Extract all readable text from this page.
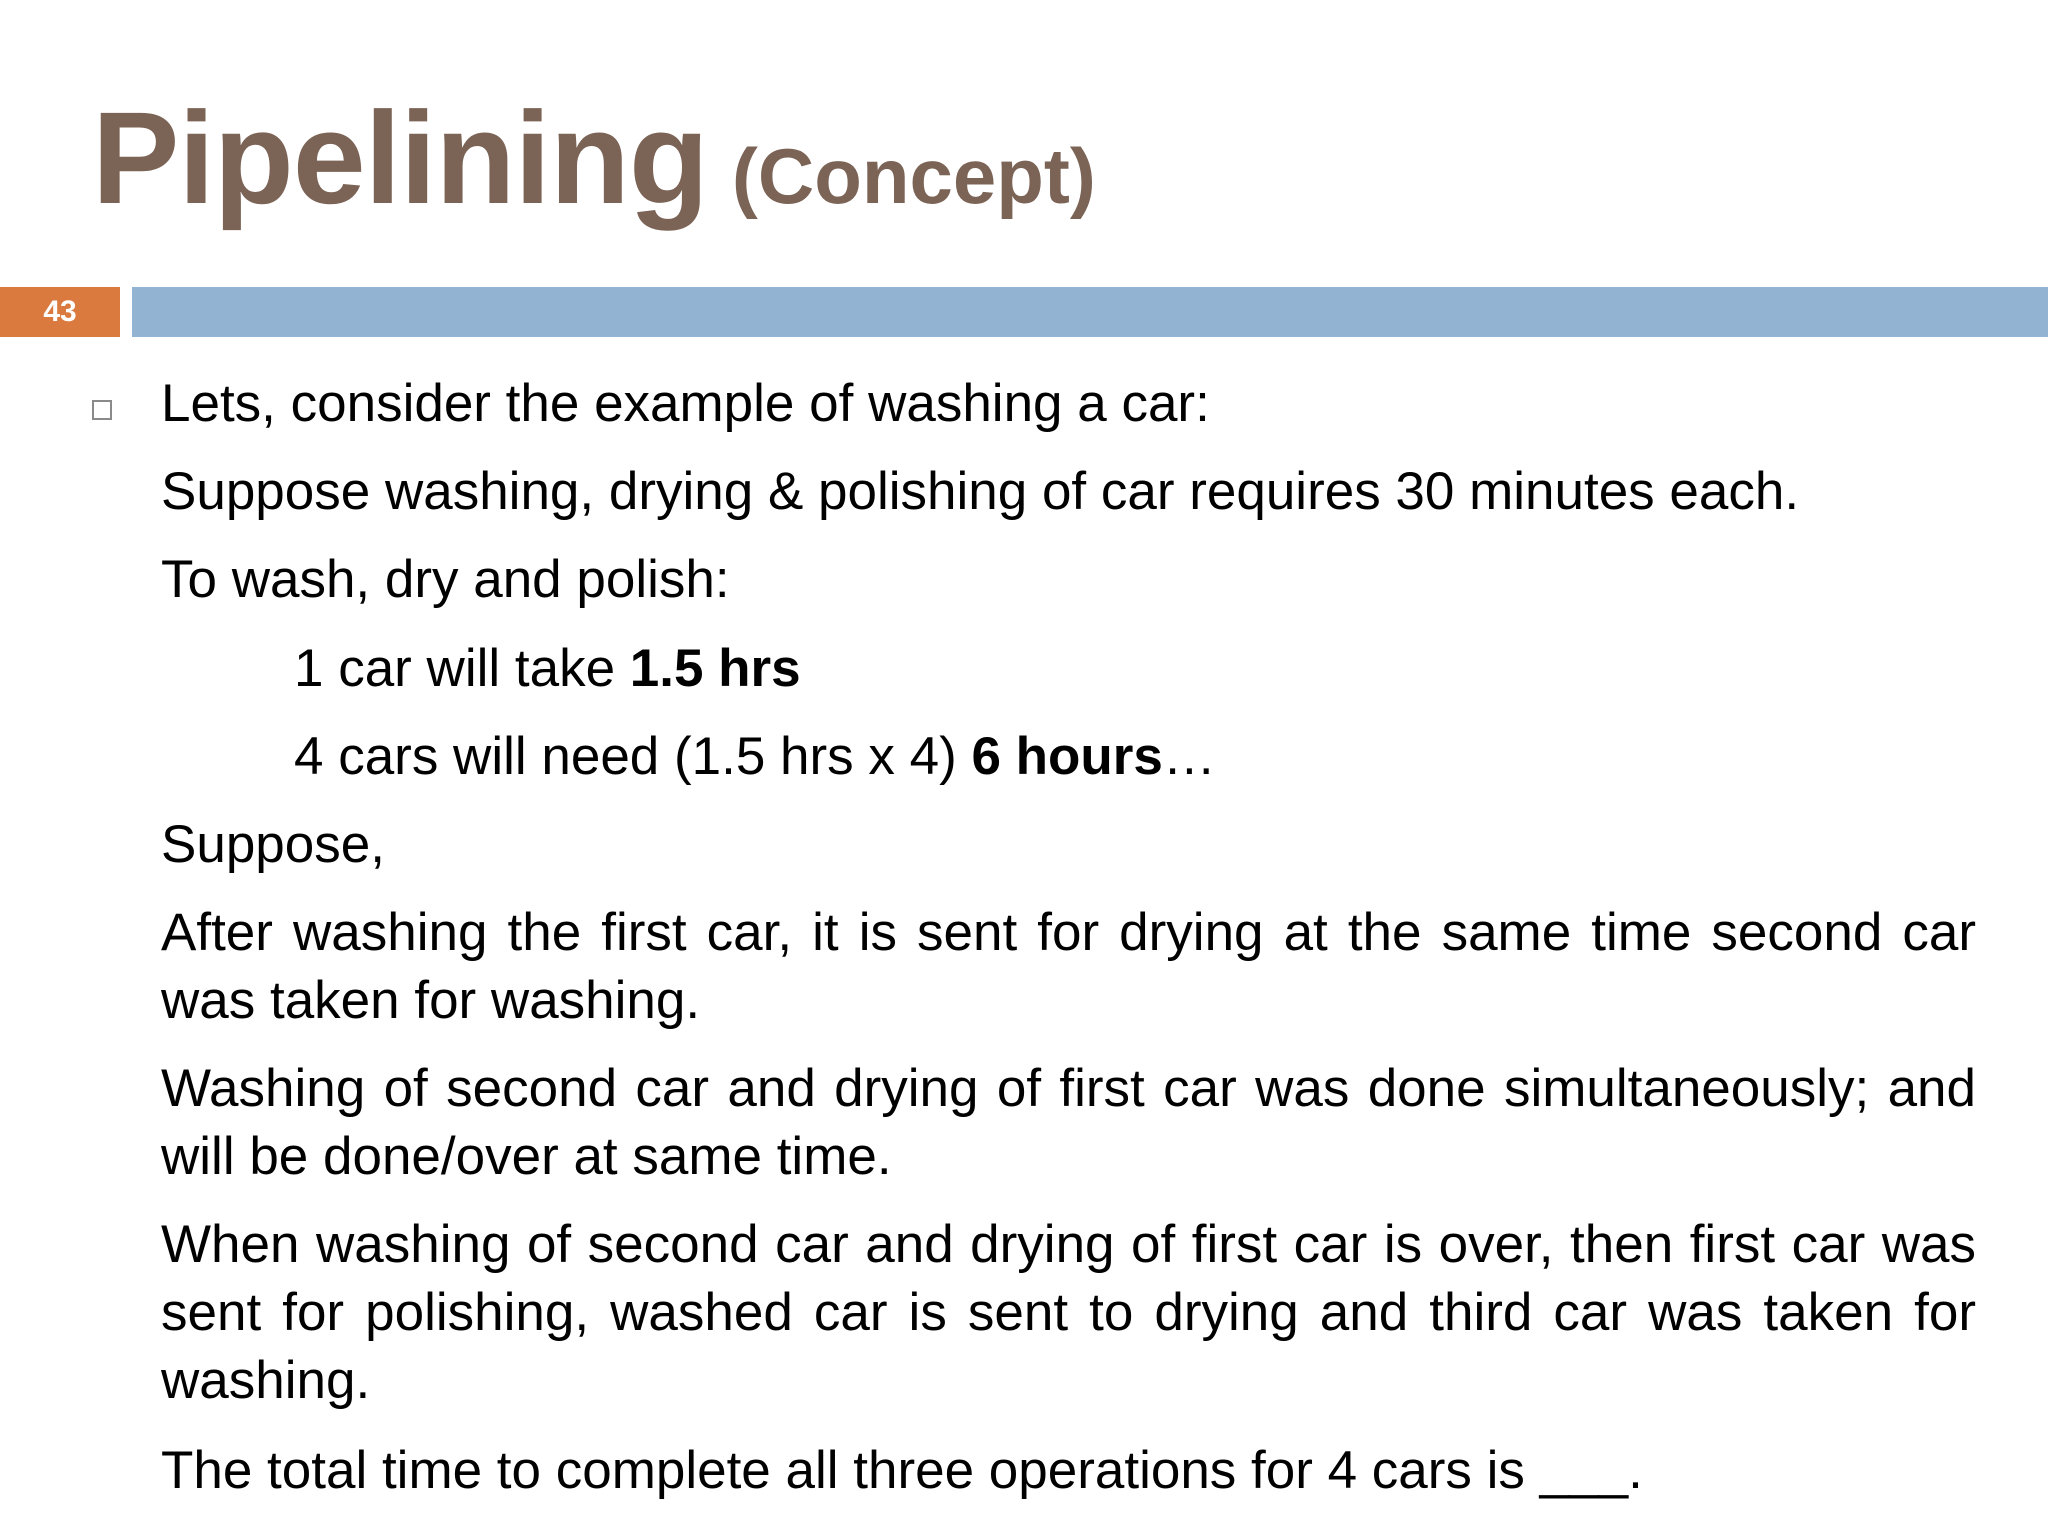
Pipelining (Concept)
43

Lets, consider the example of washing a car:

Suppose washing, drying & polishing of car requires 30 minutes each.

To wash, dry and polish:

1 car will take 1.5 hrs

4 cars will need (1.5 hrs x 4) 6 hours…

Suppose,

After washing the first car, it is sent for drying at the same time second car was taken for washing.

Washing of second car and drying of first car was done simultaneously; and will be done/over at same time.

When washing of second car and drying of first car is over, then first car was sent for polishing, washed car is sent to drying and third car was taken for washing.

The total time to complete all three operations for 4 cars is ___.
